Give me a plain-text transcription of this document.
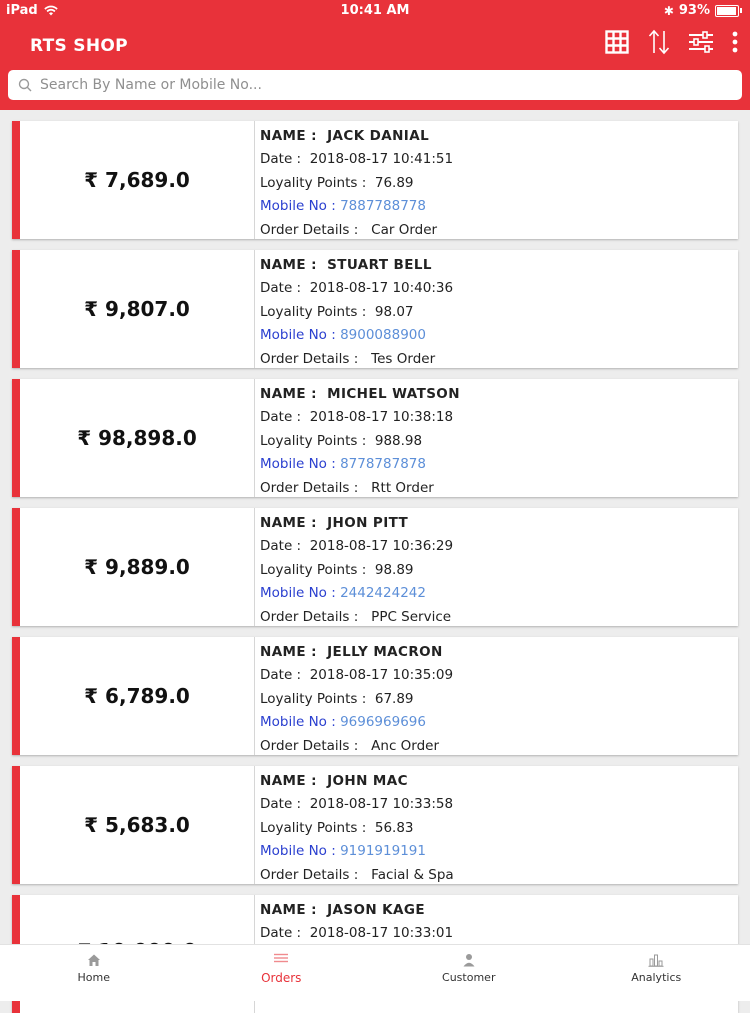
iPad	10:41 AM	✱ 93%
RTS SHOP
Search By Name or Mobile No...
₹ 7,689.0
NAME : JACK DANIAL
Date : 2018-08-17 10:41:51
Loyality Points : 76.89
Mobile No : 7887788778
Order Details : Car Order
₹ 9,807.0
NAME : STUART BELL
Date : 2018-08-17 10:40:36
Loyality Points : 98.07
Mobile No : 8900088900
Order Details : Tes Order
₹ 98,898.0
NAME : MICHEL WATSON
Date : 2018-08-17 10:38:18
Loyality Points : 988.98
Mobile No : 8778787878
Order Details : Rtt Order
₹ 9,889.0
NAME : JHON PITT
Date : 2018-08-17 10:36:29
Loyality Points : 98.89
Mobile No : 2442424242
Order Details : PPC Service
₹ 6,789.0
NAME : JELLY MACRON
Date : 2018-08-17 10:35:09
Loyality Points : 67.89
Mobile No : 9696969696
Order Details : Anc Order
₹ 5,683.0
NAME : JOHN MAC
Date : 2018-08-17 10:33:58
Loyality Points : 56.83
Mobile No : 9191919191
Order Details : Facial & Spa
NAME : JASON KAGE
Date : 2018-08-17 10:33:01
Home	Orders	Customer	Analytics
